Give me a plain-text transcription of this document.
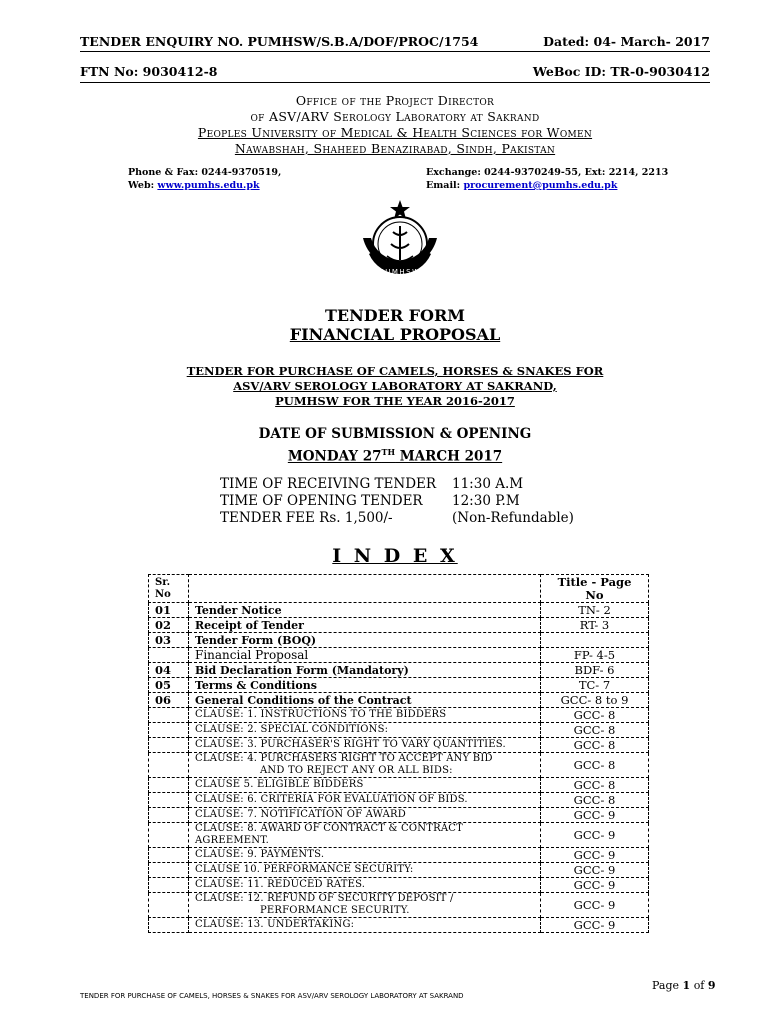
TENDER ENQUIRY NO. PUMHSW/S.B.A/DOF/PROC/1754	Dated: 04- March- 2017
FTN No: 9030412-8	WeBoc ID: TR-0-9030412
Office of the Project Director
of ASV/ARV Serology Laboratory at Sakrand
Peoples University of Medical & Health Sciences for Women
Nawabshah, Shaheed Benazirabad, Sindh, Pakistan
Phone & Fax: 0244-9370519,
Web: www.pumhs.edu.pk
Exchange: 0244-9370249-55, Ext: 2214, 2213
Email: procurement@pumhs.edu.pk
PUMHSW
TENDER FORM
FINANCIAL PROPOSAL
TENDER FOR PURCHASE OF CAMELS, HORSES & SNAKES FOR
ASV/ARV SEROLOGY LABORATORY AT SAKRAND,
PUMHSW FOR THE YEAR 2016-2017
DATE OF SUBMISSION & OPENING
MONDAY 27TH MARCH 2017
TIME OF RECEIVING TENDER 11:30 A.M
TIME OF OPENING TENDER 12:30 P.M
TENDER FEE Rs. 1,500/-	(Non-Refundable)
I N D E X
Sr. No		Title - Page No
01	Tender Notice	TN- 2
02	Receipt of Tender	RT- 3
03	Tender Form (BOQ)	
	Financial Proposal	FP- 4-5
04	Bid Declaration Form (Mandatory)	BDF- 6
05	Terms & Conditions	TC- 7
06	General Conditions of the Contract	GCC- 8 to 9
	CLAUSE: 1. INSTRUCTIONS TO THE BIDDERS	GCC- 8
	CLAUSE: 2. SPECIAL CONDITIONS:	GCC- 8
	CLAUSE: 3. PURCHASER'S RIGHT TO VARY QUANTITIES.	GCC- 8

	CLAUSE: 4. PURCHASERS RIGHT TO ACCEPT ANY BID
AND TO REJECT ANY OR ALL BIDS:	GCC- 8
	CLAUSE 5. ELIGIBLE BIDDERS	GCC- 8
	CLAUSE: 6. CRITERIA FOR EVALUATION OF BIDS.	GCC- 8
	CLAUSE: 7. NOTIFICATION OF AWARD	GCC- 9
	CLAUSE: 8. AWARD OF CONTRACT & CONTRACT AGREEMENT.	GCC- 9
	CLAUSE: 9. PAYMENTS.	GCC- 9
	CLAUSE 10. PERFORMANCE SECURITY:	GCC- 9
	CLAUSE: 11. REDUCED RATES.	GCC- 9

	CLAUSE: 12. REFUND OF SECURITY DEPOSIT /
PERFORMANCE SECURITY.	GCC- 9
	CLAUSE: 13. UNDERTAKING:	GCC- 9
Page 1 of 9
TENDER FOR PURCHASE OF CAMELS, HORSES & SNAKES FOR ASV/ARV SEROLOGY LABORATORY AT SAKRAND
